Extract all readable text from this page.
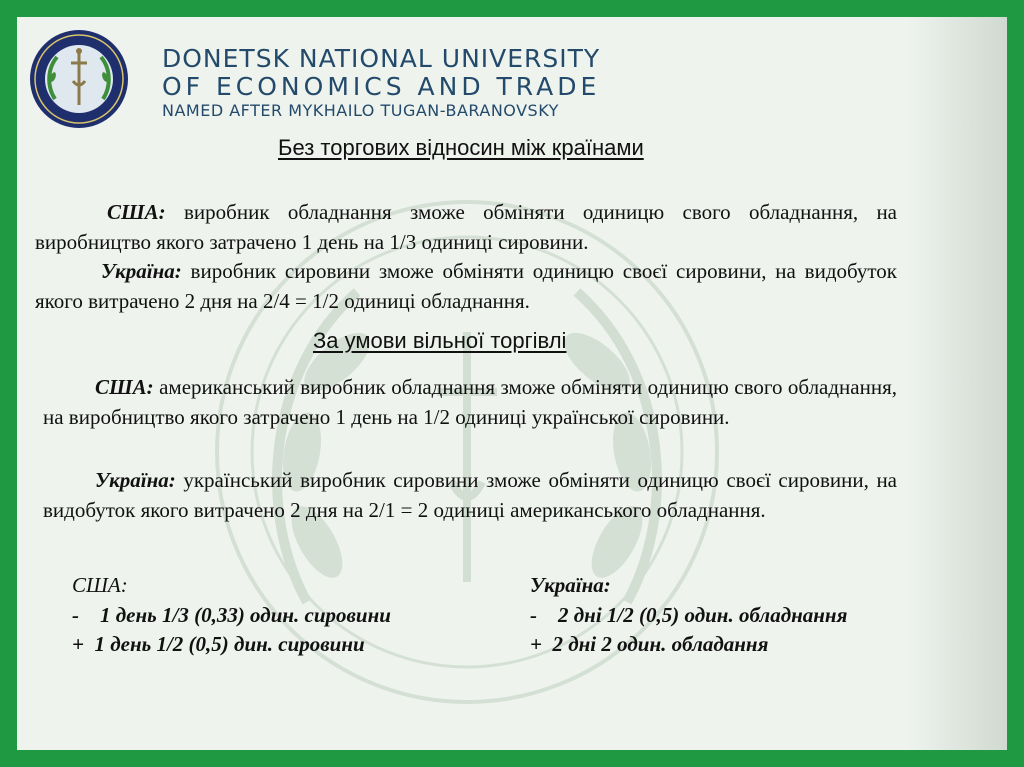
DONETSK NATIONAL UNIVERSITY
OF ECONOMICS AND TRADE
NAMED AFTER MYKHAILO TUGAN-BARANOVSKY
Без торгових відносин між країнами
США: виробник обладнання зможе обміняти одиницю свого обладнання, на виробництво якого затрачено 1 день на 1/3 одиниці сировини.
Україна: виробник сировини зможе обміняти одиницю своєї сировини, на видобуток якого витрачено 2 дня на 2/4 = 1/2 одиниці обладнання.
За умови вільної торгівлі
США: американський виробник обладнання зможе обміняти одиницю свого обладнання, на виробництво якого затрачено 1 день на 1/2 одиниці української сировини.
Україна: український виробник сировини зможе обміняти одиницю своєї сировини, на видобуток якого витрачено 2 дня на 2/1 = 2 одиниці американського обладнання.
США:
-    1 день 1/3 (0,33) один. сировини
+  1 день 1/2 (0,5) дин. сировини
Україна:
-    2 дні 1/2 (0,5) один. обладнання
+  2 дні 2 один. обладання
